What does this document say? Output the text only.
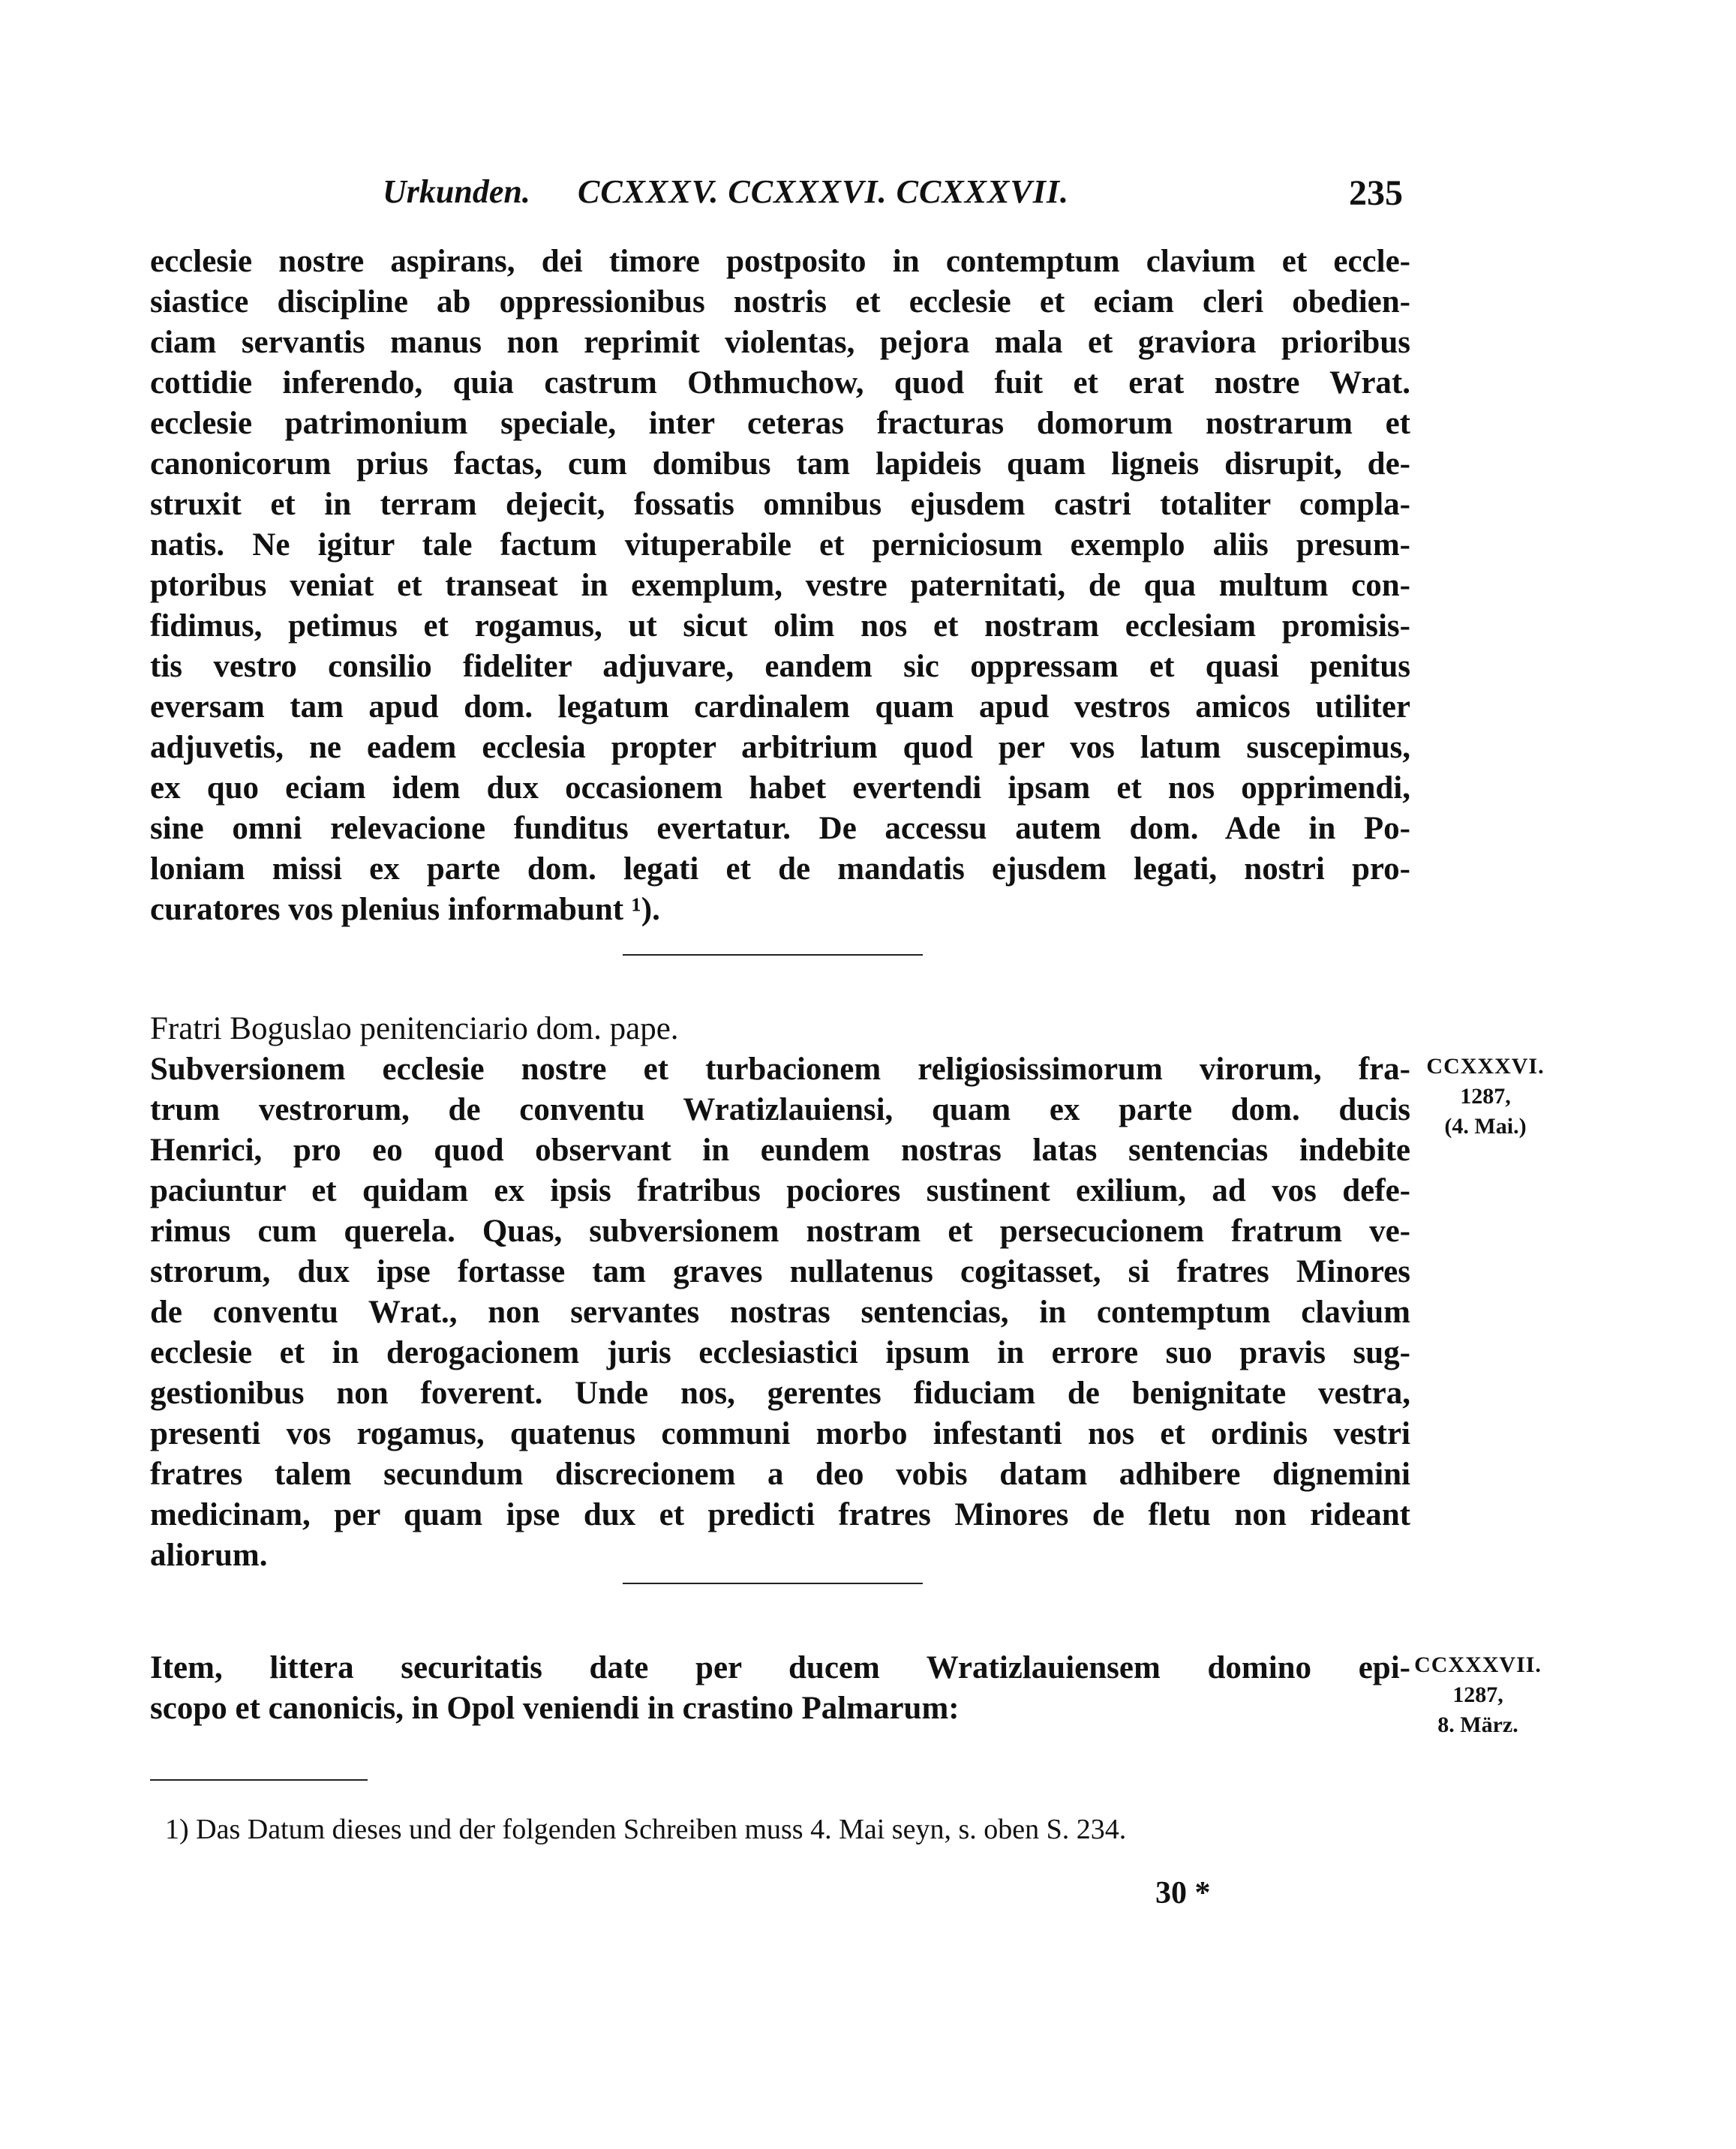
Urkunden. CCXXXV. CCXXXVI. CCXXXVII.	235
ecclesie nostre aspirans, dei timore postposito in contemptum clavium et eccle-
siastice discipline ab oppressionibus nostris et ecclesie et eciam cleri obedien-
ciam servantis manus non reprimit violentas, pejora mala et graviora prioribus
cottidie inferendo, quia castrum Othmuchow, quod fuit et erat nostre Wrat.
ecclesie patrimonium speciale, inter ceteras fracturas domorum nostrarum et
canonicorum prius factas, cum domibus tam lapideis quam ligneis disrupit, de-
struxit et in terram dejecit, fossatis omnibus ejusdem castri totaliter compla-
natis. Ne igitur tale factum vituperabile et perniciosum exemplo aliis presum-
ptoribus veniat et transeat in exemplum, vestre paternitati, de qua multum con-
fidimus, petimus et rogamus, ut sicut olim nos et nostram ecclesiam promisis-
tis vestro consilio fideliter adjuvare, eandem sic oppressam et quasi penitus
eversam tam apud dom. legatum cardinalem quam apud vestros amicos utiliter
adjuvetis, ne eadem ecclesia propter arbitrium quod per vos latum suscepimus,
ex quo eciam idem dux occasionem habet evertendi ipsam et nos opprimendi,
sine omni relevacione funditus evertatur. De accessu autem dom. Ade in Po-
loniam missi ex parte dom. legati et de mandatis ejusdem legati, nostri pro-
curatores vos plenius informabunt ¹).
Fratri Boguslao penitenciario dom. pape.
Subversionem ecclesie nostre et turbacionem religiosissimorum virorum, fra-
trum vestrorum, de conventu Wratizlauiensi, quam ex parte dom. ducis
Henrici, pro eo quod observant in eundem nostras latas sentencias indebite
paciuntur et quidam ex ipsis fratribus pociores sustinent exilium, ad vos defe-
rimus cum querela. Quas, subversionem nostram et persecucionem fratrum ve-
strorum, dux ipse fortasse tam graves nullatenus cogitasset, si fratres Minores
de conventu Wrat., non servantes nostras sentencias, in contemptum clavium
ecclesie et in derogacionem juris ecclesiastici ipsum in errore suo pravis sug-
gestionibus non foverent. Unde nos, gerentes fiduciam de benignitate vestra,
presenti vos rogamus, quatenus communi morbo infestanti nos et ordinis vestri
fratres talem secundum discrecionem a deo vobis datam adhibere dignemini
medicinam, per quam ipse dux et predicti fratres Minores de fletu non rideant
aliorum.
CCXXXVI.
1287,
(4. Mai.)
Item, littera securitatis date per ducem Wratizlauiensem domino epi-
scopo et canonicis, in Opol veniendi in crastino Palmarum:
CCXXXVII.
1287,
8. März.
1) Das Datum dieses und der folgenden Schreiben muss 4. Mai seyn, s. oben S. 234.
30 *
